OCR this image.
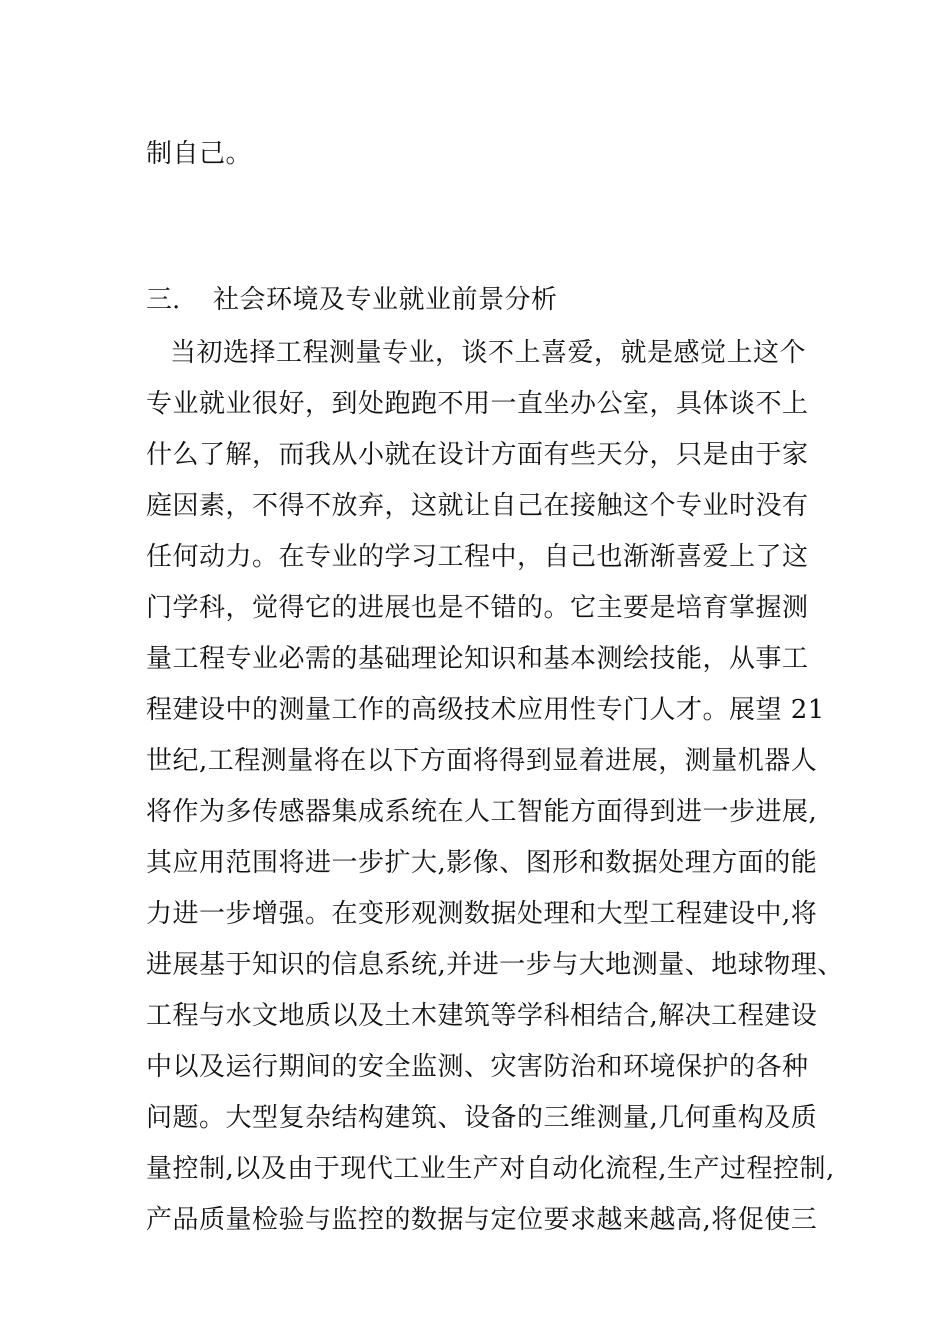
制自己。
三. 社会环境及专业就业前景分析
当初选择工程测量专业，谈不上喜爱，就是感觉上这个
专业就业很好，到处跑跑不用一直坐办公室，具体谈不上
什么了解，而我从小就在设计方面有些天分，只是由于家
庭因素，不得不放弃，这就让自己在接触这个专业时没有
任何动力。在专业的学习工程中，自己也渐渐喜爱上了这
门学科，觉得它的进展也是不错的。它主要是培育掌握测
量工程专业必需的基础理论知识和基本测绘技能，从事工
程建设中的测量工作的高级技术应用性专门人才。展望 21
世纪,工程测量将在以下方面将得到显着进展，测量机器人
将作为多传感器集成系统在人工智能方面得到进一步进展,
其应用范围将进一步扩大,影像、图形和数据处理方面的能
力进一步增强。在变形观测数据处理和大型工程建设中,将
进展基于知识的信息系统,并进一步与大地测量、地球物理、
工程与水文地质以及土木建筑等学科相结合,解决工程建设
中以及运行期间的安全监测、灾害防治和环境保护的各种
问题。大型复杂结构建筑、设备的三维测量,几何重构及质
量控制,以及由于现代工业生产对自动化流程,生产过程控制,
产品质量检验与监控的数据与定位要求越来越高,将促使三
